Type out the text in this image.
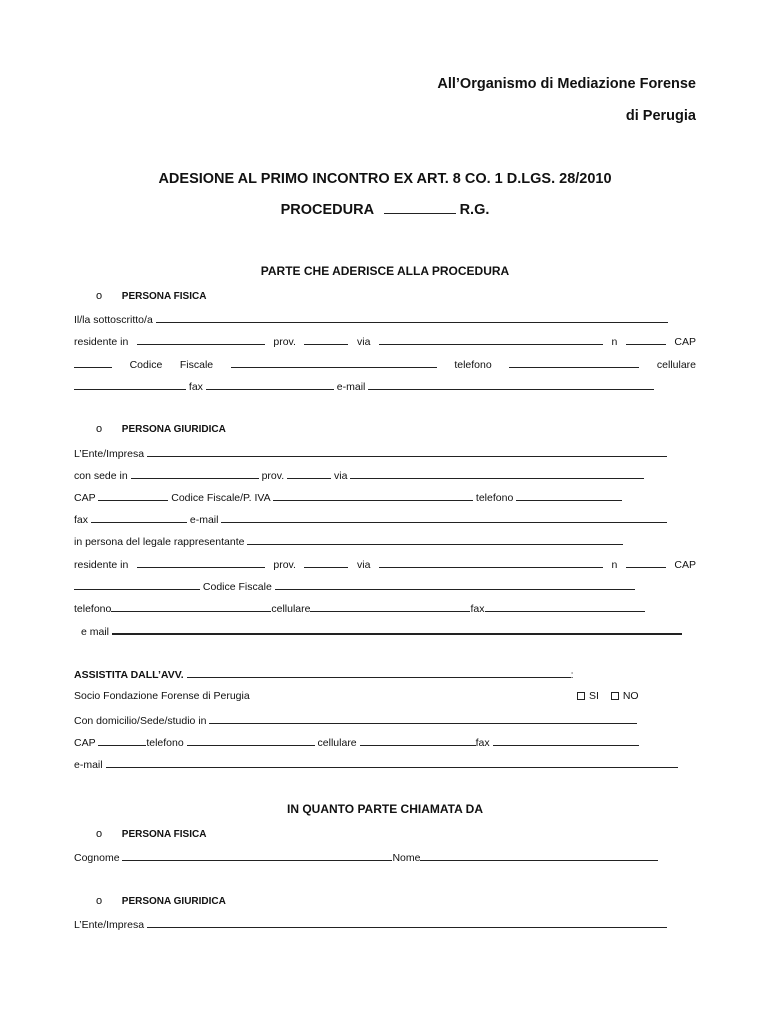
All’Organismo di Mediazione Forense
di Perugia
ADESIONE AL PRIMO INCONTRO EX ART. 8 CO. 1 D.LGS. 28/2010
PROCEDURA	R.G.
PARTE CHE ADERISCE ALLA PROCEDURA
o PERSONA FISICA
Il/la sottoscritto/a
residente in	prov.	via	n	CAP
Codice Fiscale	telefono	cellulare
fax	e-mail
o PERSONA GIURIDICA
L’Ente/Impresa
con sede in	prov.	via
CAP	Codice Fiscale/P. IVA	telefono
fax	e-mail
in persona del legale rappresentante
residente in	prov.	via	n	CAP
Codice Fiscale
telefono	cellulare	fax
e mail
ASSISTITA DALL’AVV.	:
Socio Fondazione Forense di Perugia	SI NO
Con domicilio/Sede/studio in
CAP	telefono	cellulare	fax
e-mail
IN QUANTO PARTE CHIAMATA DA
o PERSONA FISICA
Cognome	Nome
o PERSONA GIURIDICA
L’Ente/Impresa
